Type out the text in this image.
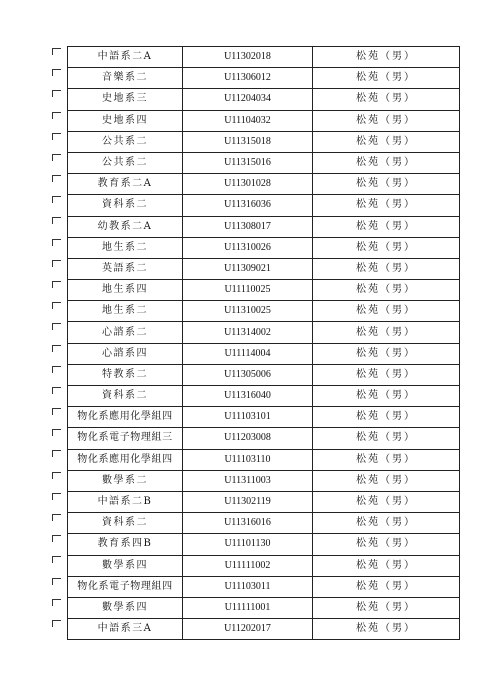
中語系二A	U11302018	松苑（男）
音樂系二	U11306012	松苑（男）
史地系三	U11204034	松苑（男）
史地系四	U11104032	松苑（男）
公共系二	U11315018	松苑（男）
公共系二	U11315016	松苑（男）
教育系二A	U11301028	松苑（男）
資科系二	U11316036	松苑（男）
幼教系二A	U11308017	松苑（男）
地生系二	U11310026	松苑（男）
英語系二	U11309021	松苑（男）
地生系四	U11110025	松苑（男）
地生系二	U11310025	松苑（男）
心諮系二	U11314002	松苑（男）
心諮系四	U11114004	松苑（男）
特教系二	U11305006	松苑（男）
資科系二	U11316040	松苑（男）
物化系應用化學組四	U11103101	松苑（男）
物化系電子物理組三	U11203008	松苑（男）
物化系應用化學組四	U11103110	松苑（男）
數學系二	U11311003	松苑（男）
中語系二B	U11302119	松苑（男）
資科系二	U11316016	松苑（男）
教育系四B	U11101130	松苑（男）
數學系四	U11111002	松苑（男）
物化系電子物理組四	U11103011	松苑（男）
數學系四	U11111001	松苑（男）
中語系三A	U11202017	松苑（男）
